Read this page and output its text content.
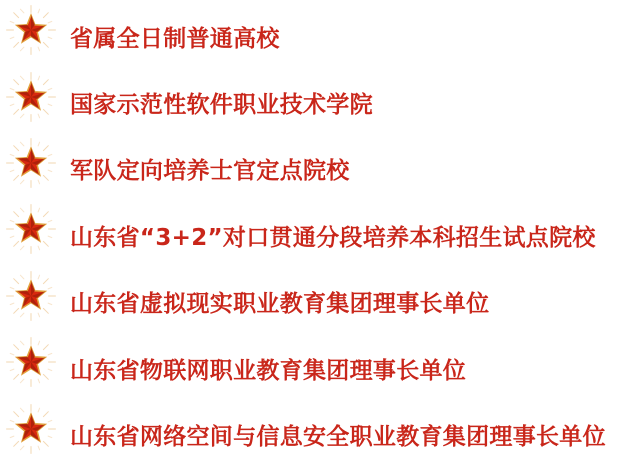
省属全日制普通高校
国家示范性软件职业技术学院
军队定向培养士官定点院校
山东省“3+2”对口贯通分段培养本科招生试点院校
山东省虚拟现实职业教育集团理事长单位
山东省物联网职业教育集团理事长单位
山东省网络空间与信息安全职业教育集团理事长单位
